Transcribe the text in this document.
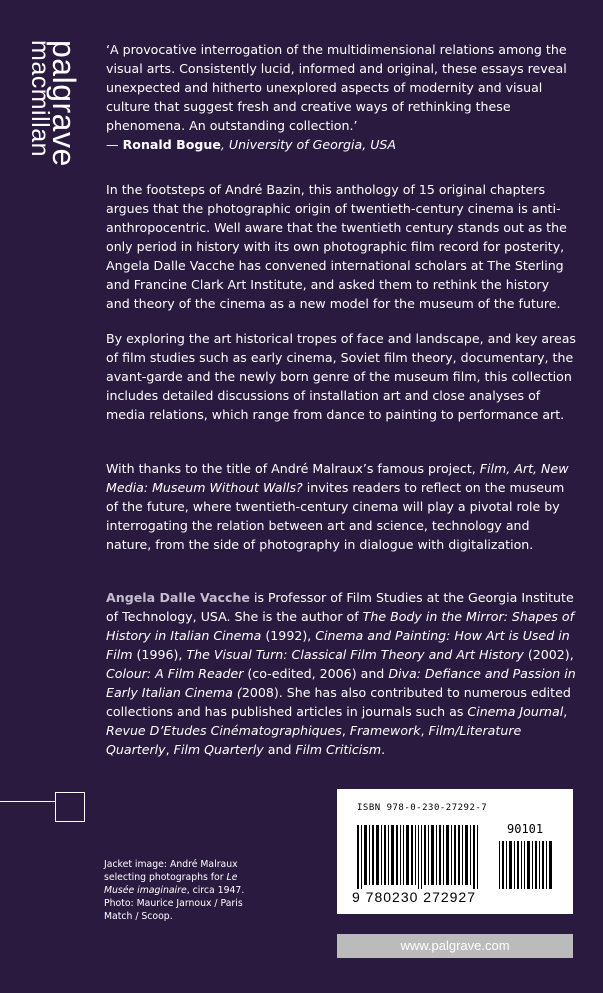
palgrave
macmillan	‘A provocative interrogation of the multidimensional relations among the visual arts. Consistently lucid, informed and original, these essays reveal unexpected and hitherto unexplored aspects of modernity and visual culture that suggest fresh and creative ways of rethinking these phenomena. An outstanding collection.’
— Ronald Bogue, University of Georgia, USA

In the footsteps of André Bazin, this anthology of 15 original chapters argues that the photographic origin of twentieth-century cinema is anti-anthropocentric. Well aware that the twentieth century stands out as the only period in history with its own photographic film record for posterity, Angela Dalle Vacche has convened international scholars at The Sterling and Francine Clark Art Institute, and asked them to rethink the history and theory of the cinema as a new model for the museum of the future.

By exploring the art historical tropes of face and landscape, and key areas of film studies such as early cinema, Soviet film theory, documentary, the avant-garde and the newly born genre of the museum film, this collection includes detailed discussions of installation art and close analyses of media relations, which range from dance to painting to performance art.

With thanks to the title of André Malraux’s famous project, Film, Art, New Media: Museum Without Walls? invites readers to reflect on the museum of the future, where twentieth-century cinema will play a pivotal role by interrogating the relation between art and science, technology and nature, from the side of photography in dialogue with digitalization.

Angela Dalle Vacche is Professor of Film Studies at the Georgia Institute of Technology, USA. She is the author of The Body in the Mirror: Shapes of History in Italian Cinema (1992), Cinema and Painting: How Art is Used in Film (1996), The Visual Turn: Classical Film Theory and Art History (2002), Colour: A Film Reader (co-edited, 2006) and Diva: Defiance and Passion in Early Italian Cinema (2008). She has also contributed to numerous edited collections and has published articles in journals such as Cinema Journal, Revue D’Etudes Cinématographiques, Framework, Film/Literature Quarterly, Film Quarterly and Film Criticism.

Jacket image: André Malraux selecting photographs for Le Musée imaginaire, circa 1947. Photo: Maurice Jarnoux / Paris Match / Scoop.
ISBN 978-0-230-27292-7
90101
9 780230 272927
www.palgrave.com
